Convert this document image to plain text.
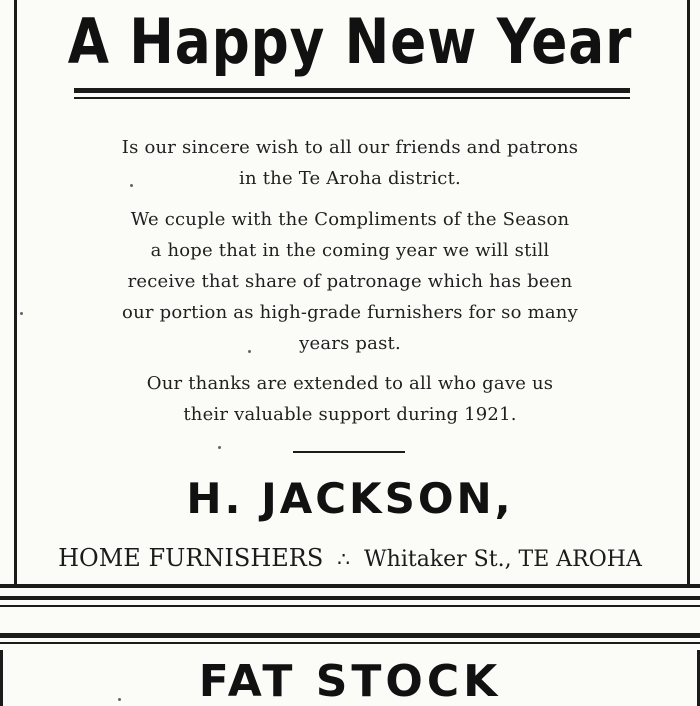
A Happy New Year
Is our sincere wish to all our friends and patrons
in the Te Aroha district.
We ccuple with the Compliments of the Season
a hope that in the coming year we will still
receive that share of patronage which has been
our portion as high-grade furnishers for so many
years past.
Our thanks are extended to all who gave us
their valuable support during 1921.
H. JACKSON,
HOME FURNISHERS ∴ Whitaker St., TE AROHA
FAT STOCK
